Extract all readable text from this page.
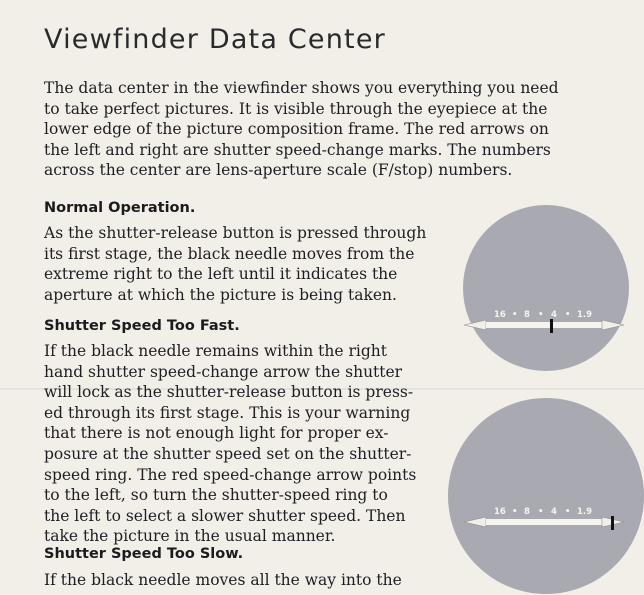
Viewfinder Data Center

The data center in the viewfinder shows you everything you need
to take perfect pictures. It is visible through the eyepiece at the
lower edge of the picture composition frame. The red arrows on
the left and right are shutter speed-change marks. The numbers
across the center are lens-aperture scale (F/stop) numbers.

Normal Operation.

As the shutter-release button is pressed through
its first stage, the black needle moves from the
extreme right to the left until it indicates the
aperture at which the picture is being taken.

Shutter Speed Too Fast.

If the black needle remains within the right
hand shutter speed-change arrow the shutter
will lock as the shutter-release button is press-
ed through its first stage. This is your warning
that there is not enough light for proper ex-
posure at the shutter speed set on the shutter-
speed ring. The red speed-change arrow points
to the left, so turn the shutter-speed ring to
the left to select a slower shutter speed. Then
take the picture in the usual manner.

Shutter Speed Too Slow.

If the black needle moves all the way into the

16 • 8 • 4 • 1.9
16 • 8 • 4 • 1.9
